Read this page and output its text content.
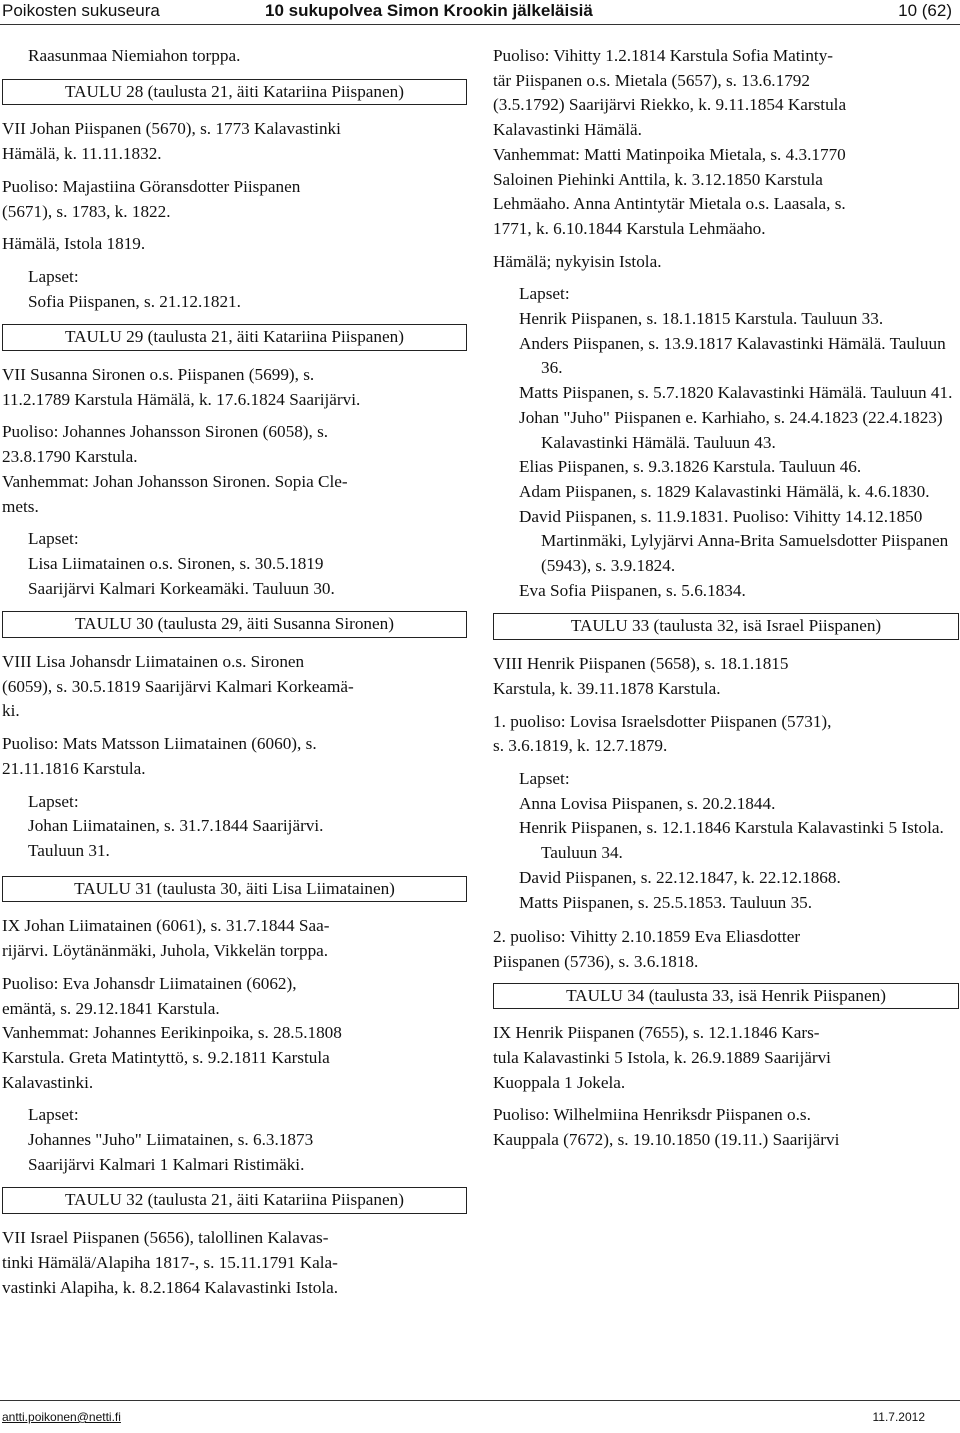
Poikosten sukuseura	10 sukupolvea Simon Krookin jälkeläisiä	10 (62)

Raasunmaa Niemiahon torppa.

TAULU 28 (taulusta 21, äiti Katariina Piispanen)
VII Johan Piispanen (5670), s. 1773 Kalavastinki
Hämälä, k. 11.11.1832.
Puoliso: Majastiina Göransdotter Piispanen
(5671), s. 1783, k. 1822.
Hämälä, Istola 1819.
Lapset:
Sofia Piispanen, s. 21.12.1821.
TAULU 29 (taulusta 21, äiti Katariina Piispanen)
VII Susanna Sironen o.s. Piispanen (5699), s.
11.2.1789 Karstula Hämälä, k. 17.6.1824 Saarijärvi.
Puoliso: Johannes Johansson Sironen (6058), s.
23.8.1790 Karstula.
Vanhemmat: Johan Johansson Sironen. Sopia Cle-
mets.
Lapset:
Lisa Liimatainen o.s. Sironen, s. 30.5.1819
Saarijärvi Kalmari Korkeamäki. Tauluun 30.
TAULU 30 (taulusta 29, äiti Susanna Sironen)
VIII Lisa Johansdr Liimatainen o.s. Sironen
(6059), s. 30.5.1819 Saarijärvi Kalmari Korkeamä-
ki.
Puoliso: Mats Matsson Liimatainen (6060), s.
21.11.1816 Karstula.
Lapset:
Johan Liimatainen, s. 31.7.1844 Saarijärvi.
Tauluun 31.
TAULU 31 (taulusta 30, äiti Lisa Liimatainen)
IX Johan Liimatainen (6061), s. 31.7.1844 Saa-
rijärvi. Löytänänmäki, Juhola, Vikkelän torppa.
Puoliso: Eva Johansdr Liimatainen (6062),
emäntä, s. 29.12.1841 Karstula.
Vanhemmat: Johannes Eerikinpoika, s. 28.5.1808
Karstula. Greta Matintyttö, s. 9.2.1811 Karstula
Kalavastinki.
Lapset:
Johannes "Juho" Liimatainen, s. 6.3.1873
Saarijärvi Kalmari 1 Kalmari Ristimäki.
TAULU 32 (taulusta 21, äiti Katariina Piispanen)
VII Israel Piispanen (5656), talollinen Kalavas-
tinki Hämälä/Alapiha 1817-, s. 15.11.1791 Kala-
vastinki Alapiha, k. 8.2.1864 Kalavastinki Istola.
Puoliso: Vihitty 1.2.1814 Karstula Sofia Matinty-
tär Piispanen o.s. Mietala (5657), s. 13.6.1792
(3.5.1792) Saarijärvi Riekko, k. 9.11.1854 Karstula
Kalavastinki Hämälä.
Vanhemmat: Matti Matinpoika Mietala, s. 4.3.1770
Saloinen Piehinki Anttila, k. 3.12.1850 Karstula
Lehmäaho. Anna Antintytär Mietala o.s. Laasala, s.
1771, k. 6.10.1844 Karstula Lehmäaho.
Hämälä; nykyisin Istola.
Lapset:
Henrik Piispanen, s. 18.1.1815 Karstula. Tauluun 33.
Anders Piispanen, s. 13.9.1817 Kalavastinki Hämälä. Tauluun 36.
Matts Piispanen, s. 5.7.1820 Kalavastinki Hämälä. Tauluun 41.
Johan "Juho" Piispanen e. Karhiaho, s. 24.4.1823 (22.4.1823) Kalavastinki Hämälä. Tauluun 43.
Elias Piispanen, s. 9.3.1826 Karstula. Tauluun 46.
Adam Piispanen, s. 1829 Kalavastinki Hämälä, k. 4.6.1830.
David Piispanen, s. 11.9.1831. Puoliso: Vihitty 14.12.1850 Martinmäki, Lylyjärvi Anna-Brita Samuelsdotter Piispanen (5943), s. 3.9.1824.
Eva Sofia Piispanen, s. 5.6.1834.
TAULU 33 (taulusta 32, isä Israel Piispanen)
VIII Henrik Piispanen (5658), s. 18.1.1815
Karstula, k. 39.11.1878 Karstula.
1. puoliso: Lovisa Israelsdotter Piispanen (5731),
s. 3.6.1819, k. 12.7.1879.
Lapset:
Anna Lovisa Piispanen, s. 20.2.1844.
Henrik Piispanen, s. 12.1.1846 Karstula Kalavastinki 5 Istola. Tauluun 34.
David Piispanen, s. 22.12.1847, k. 22.12.1868.
Matts Piispanen, s. 25.5.1853. Tauluun 35.
2. puoliso: Vihitty 2.10.1859 Eva Eliasdotter
Piispanen (5736), s. 3.6.1818.
TAULU 34 (taulusta 33, isä Henrik Piispanen)
IX Henrik Piispanen (7655), s. 12.1.1846 Kars-
tula Kalavastinki 5 Istola, k. 26.9.1889 Saarijärvi
Kuoppala 1 Jokela.
Puoliso: Wilhelmiina Henriksdr Piispanen o.s.
Kauppala (7672), s. 19.10.1850 (19.11.) Saarijärvi
antti.poikonen@netti.fi	11.7.2012
